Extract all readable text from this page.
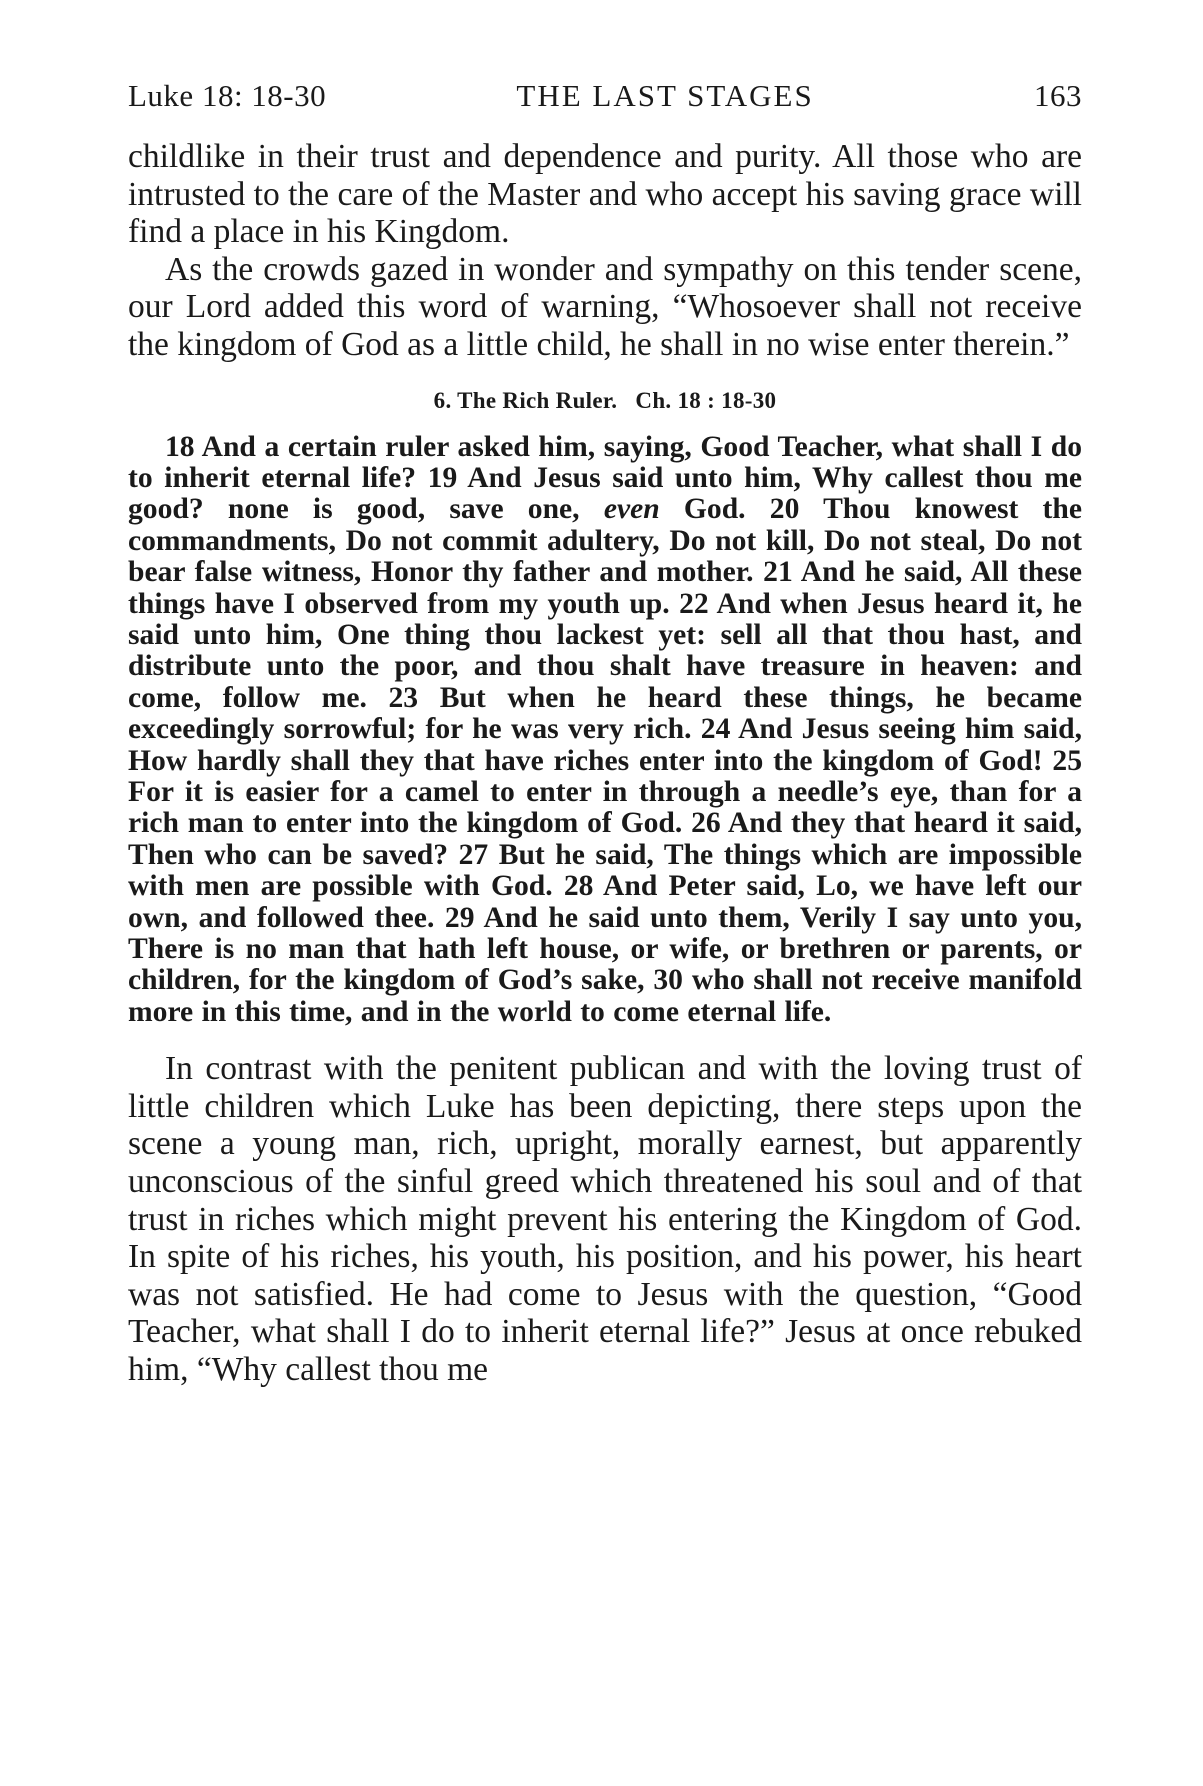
Luke 18: 18-30	THE LAST STAGES	163

childlike in their trust and dependence and purity. All those who are intrusted to the care of the Master and who accept his saving grace will find a place in his Kingdom.

As the crowds gazed in wonder and sympathy on this tender scene, our Lord added this word of warning, “Whosoever shall not receive the kingdom of God as a little child, he shall in no wise enter therein.”

6. The Rich Ruler. Ch. 18 : 18-30

18 And a certain ruler asked him, saying, Good Teacher, what shall I do to inherit eternal life? 19 And Jesus said unto him, Why callest thou me good? none is good, save one, even God. 20 Thou knowest the commandments, Do not commit adultery, Do not kill, Do not steal, Do not bear false witness, Honor thy father and mother. 21 And he said, All these things have I observed from my youth up. 22 And when Jesus heard it, he said unto him, One thing thou lackest yet: sell all that thou hast, and distribute unto the poor, and thou shalt have treasure in heaven: and come, follow me. 23 But when he heard these things, he became exceedingly sorrowful; for he was very rich. 24 And Jesus seeing him said, How hardly shall they that have riches enter into the kingdom of God! 25 For it is easier for a camel to enter in through a needle’s eye, than for a rich man to enter into the kingdom of God. 26 And they that heard it said, Then who can be saved? 27 But he said, The things which are impossible with men are possible with God. 28 And Peter said, Lo, we have left our own, and followed thee. 29 And he said unto them, Verily I say unto you, There is no man that hath left house, or wife, or brethren or parents, or children, for the kingdom of God’s sake, 30 who shall not receive manifold more in this time, and in the world to come eternal life.

In contrast with the penitent publican and with the loving trust of little children which Luke has been depicting, there steps upon the scene a young man, rich, upright, morally earnest, but apparently unconscious of the sinful greed which threatened his soul and of that trust in riches which might prevent his entering the Kingdom of God. In spite of his riches, his youth, his position, and his power, his heart was not satisfied. He had come to Jesus with the question, “Good Teacher, what shall I do to inherit eternal life?” Jesus at once rebuked him, “Why callest thou me
